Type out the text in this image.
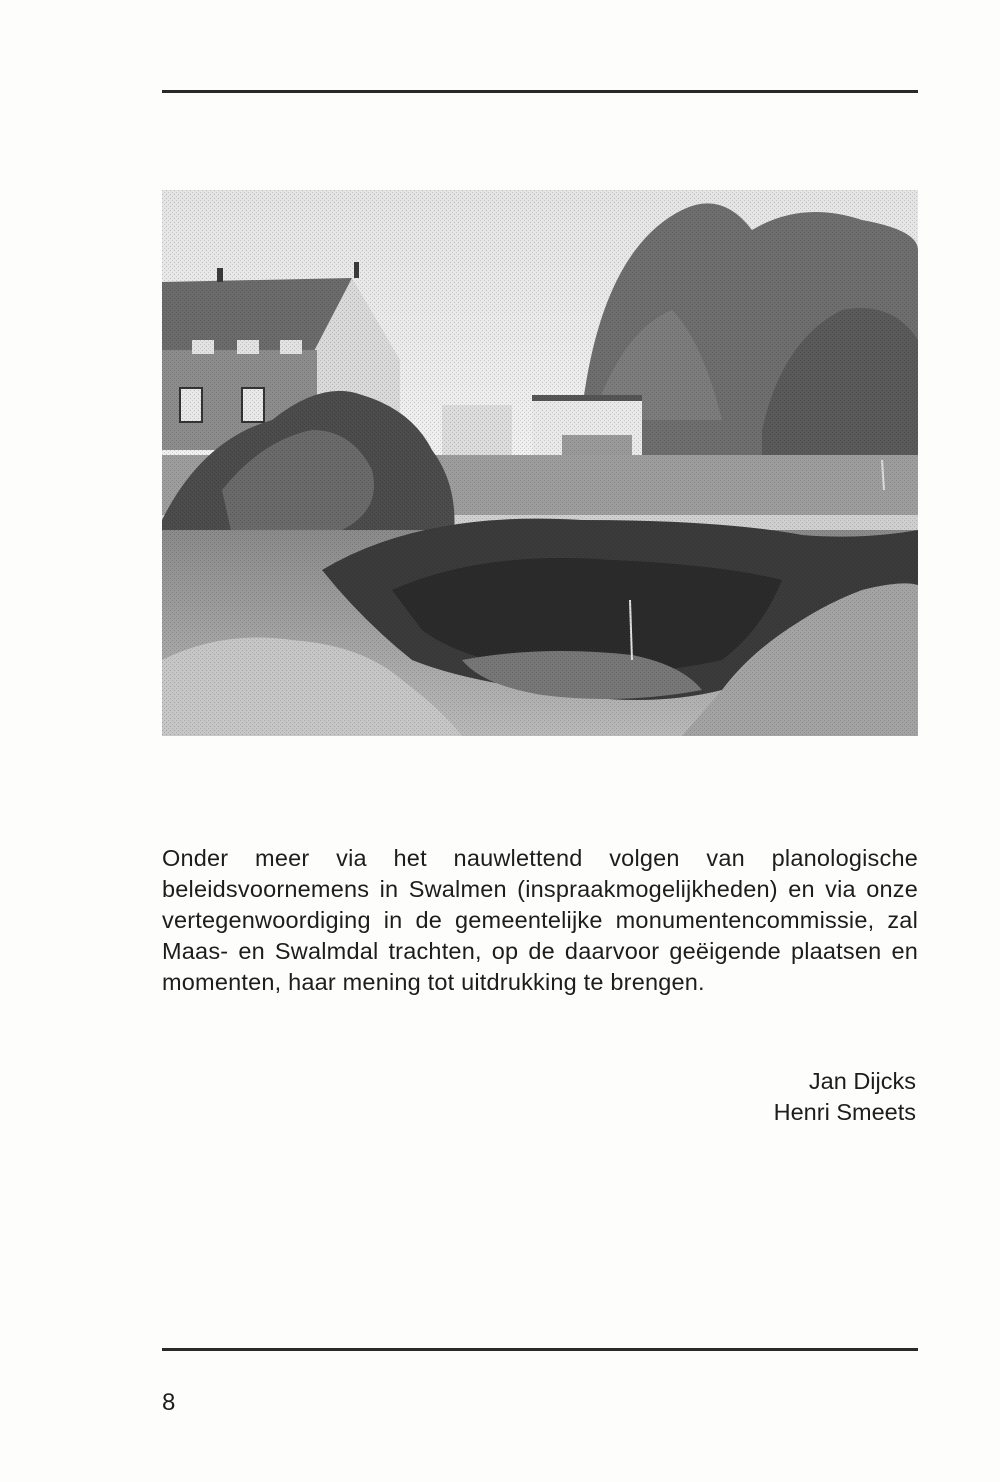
Onder meer via het nauwlettend volgen van planologische beleidsvoornemens in Swalmen (inspraakmogelijkheden) en via onze vertegenwoordiging in de gemeentelijke monumentencommissie, zal Maas- en Swalmdal trachten, op de daarvoor geëigende plaatsen en momenten, haar mening tot uitdrukking te brengen.

Jan Dijcks
Henri Smeets
8
